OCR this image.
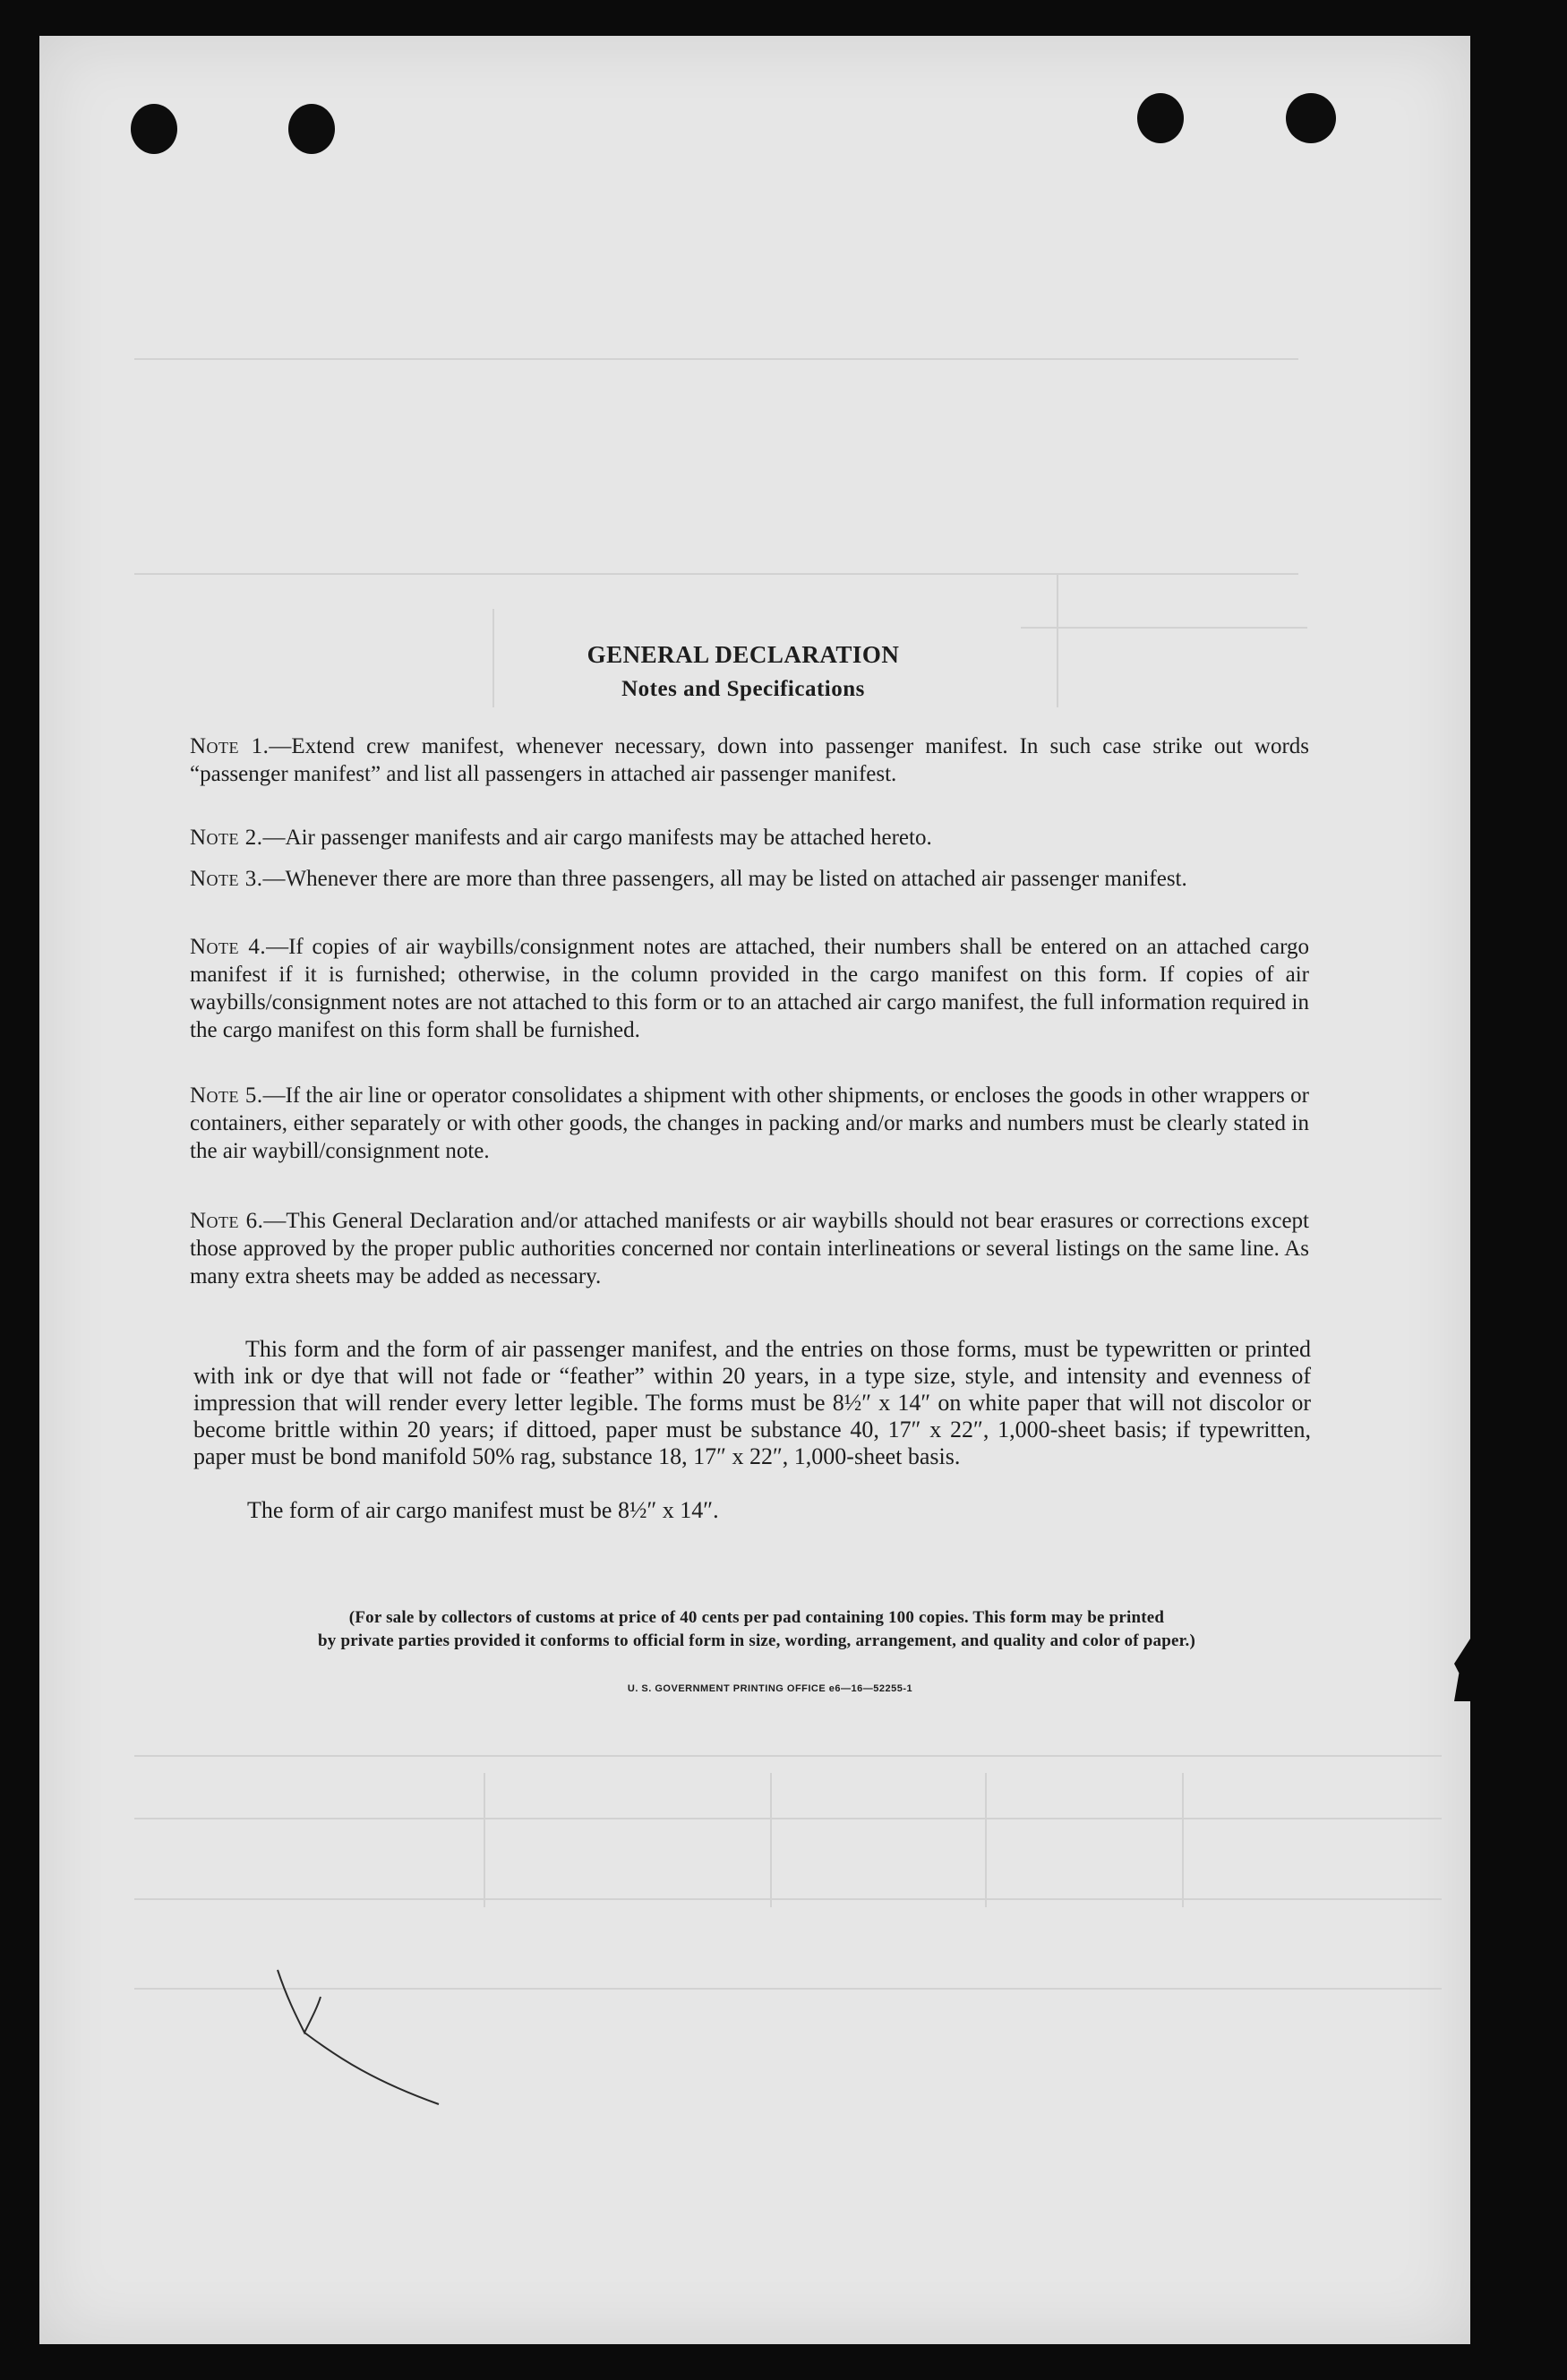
GENERAL DECLARATION
Notes and Specifications
Note 1.—Extend crew manifest, whenever necessary, down into passenger manifest. In such case strike out words “passenger manifest” and list all passengers in attached air passenger manifest.
Note 2.—Air passenger manifests and air cargo manifests may be attached hereto.
Note 3.—Whenever there are more than three passengers, all may be listed on attached air passenger manifest.
Note 4.—If copies of air waybills/consignment notes are attached, their numbers shall be entered on an attached cargo manifest if it is furnished; otherwise, in the column provided in the cargo manifest on this form. If copies of air waybills/consignment notes are not attached to this form or to an attached air cargo manifest, the full information required in the cargo manifest on this form shall be furnished.
Note 5.—If the air line or operator consolidates a shipment with other shipments, or encloses the goods in other wrappers or containers, either separately or with other goods, the changes in packing and/or marks and numbers must be clearly stated in the air waybill/consignment note.
Note 6.—This General Declaration and/or attached manifests or air waybills should not bear erasures or corrections except those approved by the proper public authorities concerned nor contain interlineations or several listings on the same line. As many extra sheets may be added as necessary.
This form and the form of air passenger manifest, and the entries on those forms, must be typewritten or printed with ink or dye that will not fade or “feather” within 20 years, in a type size, style, and intensity and evenness of impression that will render every letter legible. The forms must be 8½″ x 14″ on white paper that will not discolor or become brittle within 20 years; if dittoed, paper must be substance 40, 17″ x 22″, 1,000-sheet basis; if typewritten, paper must be bond manifold 50% rag, substance 18, 17″ x 22″, 1,000-sheet basis.
The form of air cargo manifest must be 8½″ x 14″.
(For sale by collectors of customs at price of 40 cents per pad containing 100 copies. This form may be printed
by private parties provided it conforms to official form in size, wording, arrangement, and quality and color of paper.)
U. S. GOVERNMENT PRINTING OFFICE e6—16—52255-1
